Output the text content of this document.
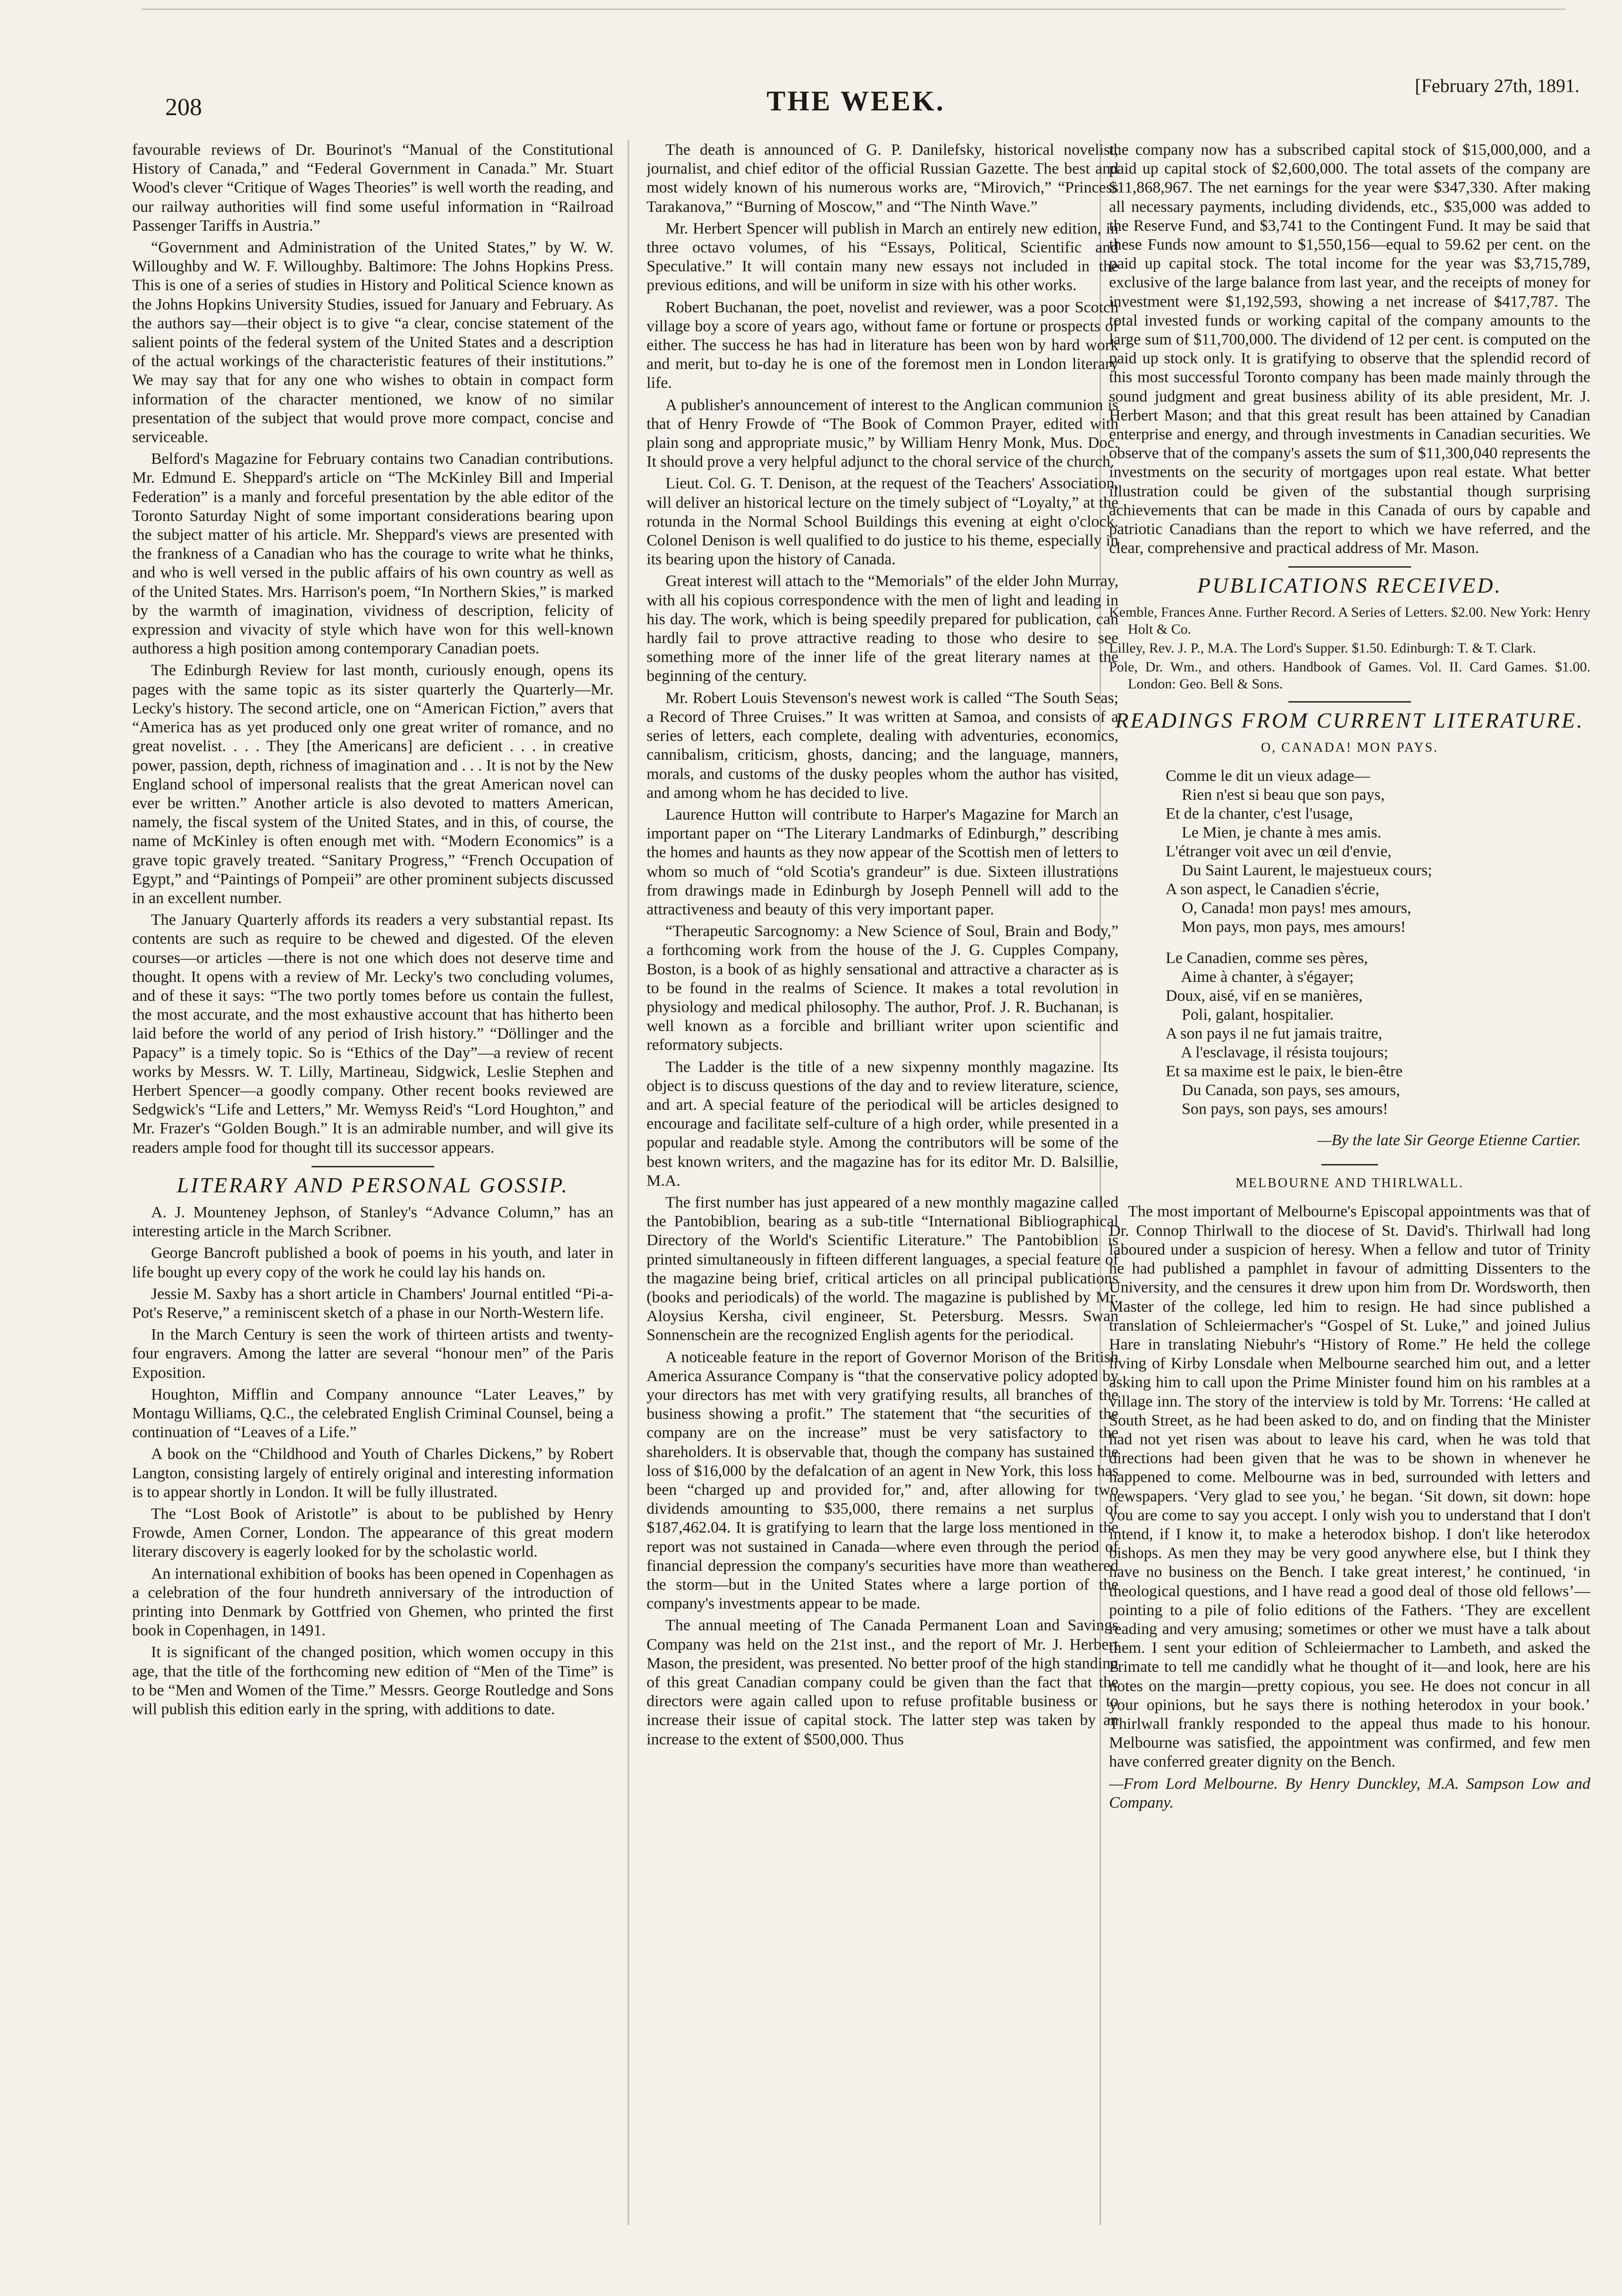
208	THE WEEK.	[February 27th, 1891.

favourable reviews of Dr. Bourinot's “Manual of the Constitutional History of Canada,” and “Federal Government in Canada.” Mr. Stuart Wood's clever “Critique of Wages Theories” is well worth the reading, and our railway authorities will find some useful information in “Railroad Passenger Tariffs in Austria.”

“Government and Administration of the United States,” by W. W. Willoughby and W. F. Willoughby. Baltimore: The Johns Hopkins Press. This is one of a series of studies in History and Political Science known as the Johns Hopkins University Studies, issued for January and February. As the authors say—their object is to give “a clear, concise statement of the salient points of the federal system of the United States and a description of the actual workings of the characteristic features of their institutions.” We may say that for any one who wishes to obtain in compact form information of the character mentioned, we know of no similar presentation of the subject that would prove more compact, concise and serviceable.

Belford's Magazine for February contains two Canadian contributions. Mr. Edmund E. Sheppard's article on “The McKinley Bill and Imperial Federation” is a manly and forceful presentation by the able editor of the Toronto Saturday Night of some important considerations bearing upon the subject matter of his article. Mr. Sheppard's views are presented with the frankness of a Canadian who has the courage to write what he thinks, and who is well versed in the public affairs of his own country as well as of the United States. Mrs. Harrison's poem, “In Northern Skies,” is marked by the warmth of imagination, vividness of description, felicity of expression and vivacity of style which have won for this well-known authoress a high position among contemporary Canadian poets.

The Edinburgh Review for last month, curiously enough, opens its pages with the same topic as its sister quarterly the Quarterly—Mr. Lecky's history. The second article, one on “American Fiction,” avers that “America has as yet produced only one great writer of romance, and no great novelist. . . . They [the Americans] are deficient . . . in creative power, passion, depth, richness of imagination and . . . It is not by the New England school of impersonal realists that the great American novel can ever be written.” Another article is also devoted to matters American, namely, the fiscal system of the United States, and in this, of course, the name of McKinley is often enough met with. “Modern Economics” is a grave topic gravely treated. “Sanitary Progress,” “French Occupation of Egypt,” and “Paintings of Pompeii” are other prominent subjects discussed in an excellent number.

The January Quarterly affords its readers a very substantial repast. Its contents are such as require to be chewed and digested. Of the eleven courses—or articles —there is not one which does not deserve time and thought. It opens with a review of Mr. Lecky's two concluding volumes, and of these it says: “The two portly tomes before us contain the fullest, the most accurate, and the most exhaustive account that has hitherto been laid before the world of any period of Irish history.” “Döllinger and the Papacy” is a timely topic. So is “Ethics of the Day”—a review of recent works by Messrs. W. T. Lilly, Martineau, Sidgwick, Leslie Stephen and Herbert Spencer—a goodly company. Other recent books reviewed are Sedgwick's “Life and Letters,” Mr. Wemyss Reid's “Lord Houghton,” and Mr. Frazer's “Golden Bough.” It is an admirable number, and will give its readers ample food for thought till its successor appears.

LITERARY AND PERSONAL GOSSIP.

A. J. Mounteney Jephson, of Stanley's “Advance Column,” has an interesting article in the March Scribner.

George Bancroft published a book of poems in his youth, and later in life bought up every copy of the work he could lay his hands on.

Jessie M. Saxby has a short article in Chambers' Journal entitled “Pi-a-Pot's Reserve,” a reminiscent sketch of a phase in our North-Western life.

In the March Century is seen the work of thirteen artists and twenty-four engravers. Among the latter are several “honour men” of the Paris Exposition.

Houghton, Mifflin and Company announce “Later Leaves,” by Montagu Williams, Q.C., the celebrated English Criminal Counsel, being a continuation of “Leaves of a Life.”

A book on the “Childhood and Youth of Charles Dickens,” by Robert Langton, consisting largely of entirely original and interesting information is to appear shortly in London. It will be fully illustrated.

The “Lost Book of Aristotle” is about to be published by Henry Frowde, Amen Corner, London. The appearance of this great modern literary discovery is eagerly looked for by the scholastic world.

An international exhibition of books has been opened in Copenhagen as a celebration of the four hundreth anniversary of the introduction of printing into Denmark by Gottfried von Ghemen, who printed the first book in Copenhagen, in 1491.

It is significant of the changed position, which women occupy in this age, that the title of the forthcoming new edition of “Men of the Time” is to be “Men and Women of the Time.” Messrs. George Routledge and Sons will publish this edition early in the spring, with additions to date.

The death is announced of G. P. Danilefsky, historical novelist, journalist, and chief editor of the official Russian Gazette. The best and most widely known of his numerous works are, “Mirovich,” “Princess Tarakanova,” “Burning of Moscow,” and “The Ninth Wave.”

Mr. Herbert Spencer will publish in March an entirely new edition, in three octavo volumes, of his “Essays, Political, Scientific and Speculative.” It will contain many new essays not included in the previous editions, and will be uniform in size with his other works.

Robert Buchanan, the poet, novelist and reviewer, was a poor Scotch village boy a score of years ago, without fame or fortune or prospects of either. The success he has had in literature has been won by hard work and merit, but to-day he is one of the foremost men in London literary life.

A publisher's announcement of interest to the Anglican communion is that of Henry Frowde of “The Book of Common Prayer, edited with plain song and appropriate music,” by William Henry Monk, Mus. Doc. It should prove a very helpful adjunct to the choral service of the church.

Lieut. Col. G. T. Denison, at the request of the Teachers' Association, will deliver an historical lecture on the timely subject of “Loyalty,” at the rotunda in the Normal School Buildings this evening at eight o'clock. Colonel Denison is well qualified to do justice to his theme, especially in its bearing upon the history of Canada.

Great interest will attach to the “Memorials” of the elder John Murray, with all his copious correspondence with the men of light and leading in his day. The work, which is being speedily prepared for publication, can hardly fail to prove attractive reading to those who desire to see something more of the inner life of the great literary names at the beginning of the century.

Mr. Robert Louis Stevenson's newest work is called “The South Seas; a Record of Three Cruises.” It was written at Samoa, and consists of a series of letters, each complete, dealing with adventuries, economics, cannibalism, criticism, ghosts, dancing; and the language, manners, morals, and customs of the dusky peoples whom the author has visited, and among whom he has decided to live.

Laurence Hutton will contribute to Harper's Magazine for March an important paper on “The Literary Landmarks of Edinburgh,” describing the homes and haunts as they now appear of the Scottish men of letters to whom so much of “old Scotia's grandeur” is due. Sixteen illustrations from drawings made in Edinburgh by Joseph Pennell will add to the attractiveness and beauty of this very important paper.

“Therapeutic Sarcognomy: a New Science of Soul, Brain and Body,” a forthcoming work from the house of the J. G. Cupples Company, Boston, is a book of as highly sensational and attractive a character as is to be found in the realms of Science. It makes a total revolution in physiology and medical philosophy. The author, Prof. J. R. Buchanan, is well known as a forcible and brilliant writer upon scientific and reformatory subjects.

The Ladder is the title of a new sixpenny monthly magazine. Its object is to discuss questions of the day and to review literature, science, and art. A special feature of the periodical will be articles designed to encourage and facilitate self-culture of a high order, while presented in a popular and readable style. Among the contributors will be some of the best known writers, and the magazine has for its editor Mr. D. Balsillie, M.A.

The first number has just appeared of a new monthly magazine called the Pantobiblion, bearing as a sub-title “International Bibliographical Directory of the World's Scientific Literature.” The Pantobiblion is printed simultaneously in fifteen different languages, a special feature of the magazine being brief, critical articles on all principal publications (books and periodicals) of the world. The magazine is published by Mr. Aloysius Kersha, civil engineer, St. Petersburg. Messrs. Swan Sonnenschein are the recognized English agents for the periodical.

A noticeable feature in the report of Governor Morison of the British America Assurance Company is “that the conservative policy adopted by your directors has met with very gratifying results, all branches of the business showing a profit.” The statement that “the securities of the company are on the increase” must be very satisfactory to the shareholders. It is observable that, though the company has sustained the loss of $16,000 by the defalcation of an agent in New York, this loss has been “charged up and provided for,” and, after allowing for two dividends amounting to $35,000, there remains a net surplus of $187,462.04. It is gratifying to learn that the large loss mentioned in the report was not sustained in Canada—where even through the period of financial depression the company's securities have more than weathered the storm—but in the United States where a large portion of the company's investments appear to be made.

The annual meeting of The Canada Permanent Loan and Savings Company was held on the 21st inst., and the report of Mr. J. Herbert Mason, the president, was presented. No better proof of the high standing of this great Canadian company could be given than the fact that the directors were again called upon to refuse profitable business or to increase their issue of capital stock. The latter step was taken by an increase to the extent of $500,000. Thus

the company now has a subscribed capital stock of $15,000,000, and a paid up capital stock of $2,600,000. The total assets of the company are $11,868,967. The net earnings for the year were $347,330. After making all necessary payments, including dividends, etc., $35,000 was added to the Reserve Fund, and $3,741 to the Contingent Fund. It may be said that these Funds now amount to $1,550,156—equal to 59.62 per cent. on the paid up capital stock. The total income for the year was $3,715,789, exclusive of the large balance from last year, and the receipts of money for investment were $1,192,593, showing a net increase of $417,787. The total invested funds or working capital of the company amounts to the large sum of $11,700,000. The dividend of 12 per cent. is computed on the paid up stock only. It is gratifying to observe that the splendid record of this most successful Toronto company has been made mainly through the sound judgment and great business ability of its able president, Mr. J. Herbert Mason; and that this great result has been attained by Canadian enterprise and energy, and through investments in Canadian securities. We observe that of the company's assets the sum of $11,300,040 represents the investments on the security of mortgages upon real estate. What better illustration could be given of the substantial though surprising achievements that can be made in this Canada of ours by capable and patriotic Canadians than the report to which we have referred, and the clear, comprehensive and practical address of Mr. Mason.

PUBLICATIONS RECEIVED.

Kemble, Frances Anne. Further Record. A Series of Letters. $2.00. New York: Henry Holt & Co.

Lilley, Rev. J. P., M.A. The Lord's Supper. $1.50. Edinburgh: T. & T. Clark.

Pole, Dr. Wm., and others. Handbook of Games. Vol. II. Card Games. $1.00. London: Geo. Bell & Sons.

READINGS FROM CURRENT LITERATURE.

O, CANADA! MON PAYS.

Comme le dit un vieux adage—
Rien n'est si beau que son pays,
Et de la chanter, c'est l'usage,
Le Mien, je chante à mes amis.
L'étranger voit avec un œil d'envie,
Du Saint Laurent, le majestueux cours;
A son aspect, le Canadien s'écrie,
O, Canada! mon pays! mes amours,
Mon pays, mon pays, mes amours!
Le Canadien, comme ses pères,
Aime à chanter, à s'égayer;
Doux, aisé, vif en se manières,
Poli, galant, hospitalier.
A son pays il ne fut jamais traitre,
A l'esclavage, il résista toujours;
Et sa maxime est le paix, le bien-être
Du Canada, son pays, ses amours,
Son pays, son pays, ses amours!

—By the late Sir George Etienne Cartier.

MELBOURNE AND THIRLWALL.

The most important of Melbourne's Episcopal appointments was that of Dr. Connop Thirlwall to the diocese of St. David's. Thirlwall had long laboured under a suspicion of heresy. When a fellow and tutor of Trinity he had published a pamphlet in favour of admitting Dissenters to the University, and the censures it drew upon him from Dr. Wordsworth, then Master of the college, led him to resign. He had since published a translation of Schleiermacher's “Gospel of St. Luke,” and joined Julius Hare in translating Niebuhr's “History of Rome.” He held the college living of Kirby Lonsdale when Melbourne searched him out, and a letter asking him to call upon the Prime Minister found him on his rambles at a village inn. The story of the interview is told by Mr. Torrens: ‘He called at South Street, as he had been asked to do, and on finding that the Minister had not yet risen was about to leave his card, when he was told that directions had been given that he was to be shown in whenever he happened to come. Melbourne was in bed, surrounded with letters and newspapers. ‘Very glad to see you,’ he began. ‘Sit down, sit down: hope you are come to say you accept. I only wish you to understand that I don't intend, if I know it, to make a heterodox bishop. I don't like heterodox bishops. As men they may be very good anywhere else, but I think they have no business on the Bench. I take great interest,’ he continued, ‘in theological questions, and I have read a good deal of those old fellows’—pointing to a pile of folio editions of the Fathers. ‘They are excellent reading and very amusing; sometimes or other we must have a talk about them. I sent your edition of Schleiermacher to Lambeth, and asked the Primate to tell me candidly what he thought of it—and look, here are his notes on the margin—pretty copious, you see. He does not concur in all your opinions, but he says there is nothing heterodox in your book.’ Thirlwall frankly responded to the appeal thus made to his honour. Melbourne was satisfied, the appointment was confirmed, and few men have conferred greater dignity on the Bench.

—From Lord Melbourne. By Henry Dunckley, M.A. Sampson Low and Company.
